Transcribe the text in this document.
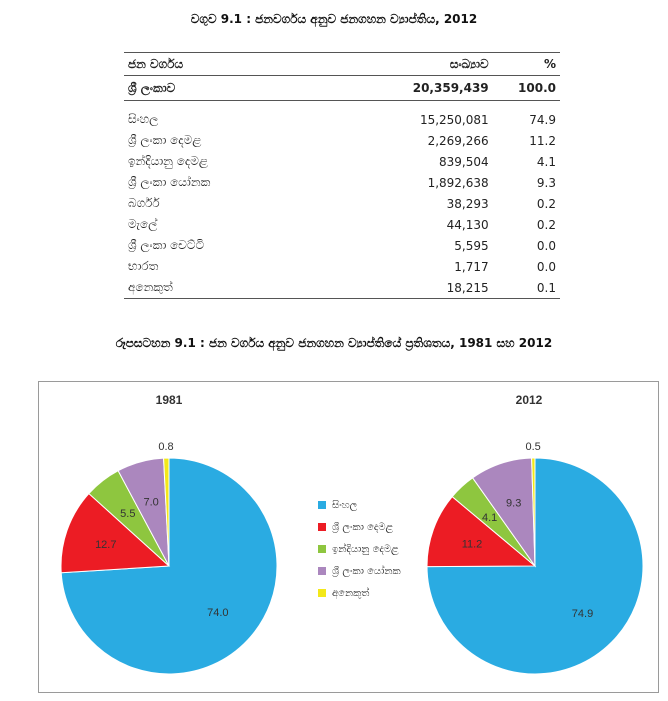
වගුව 9.1 : ජනවර්ගය අනුව ජනගහන ව්‍යාප්තිය, 2012
ජන වර්ගය	සංඛ්‍යාව	%
ශ්‍රී ලංකාව	20,359,439	100.0

සිංහල	15,250,081	74.9
ශ්‍රී ලංකා දෙමළ	2,269,266	11.2
ඉන්දියානු දෙමළ	839,504	4.1
ශ්‍රී ලංකා යෝනක	1,892,638	9.3
බර්ගර්	38,293	0.2
මැලේ	44,130	0.2
ශ්‍රී ලංකා චෙට්ටි	5,595	0.0
භාරත	1,717	0.0
අනෙකුත්	18,215	0.1
රූපසටහන 9.1 : ජන වර්ගය අනුව ජනගහන ව්‍යාප්තියේ ප්‍රතිශතය, 1981 සහ 2012
1981
74.0
12.7
5.5
7.0
0.8
2012
74.9
11.2
4.1
9.3
0.5
සිංහල
ශ්‍රී ලංකා දෙමළ
ඉන්දියානු දෙමළ
ශ්‍රී ලංකා යෝනක
අනෙකුත්
